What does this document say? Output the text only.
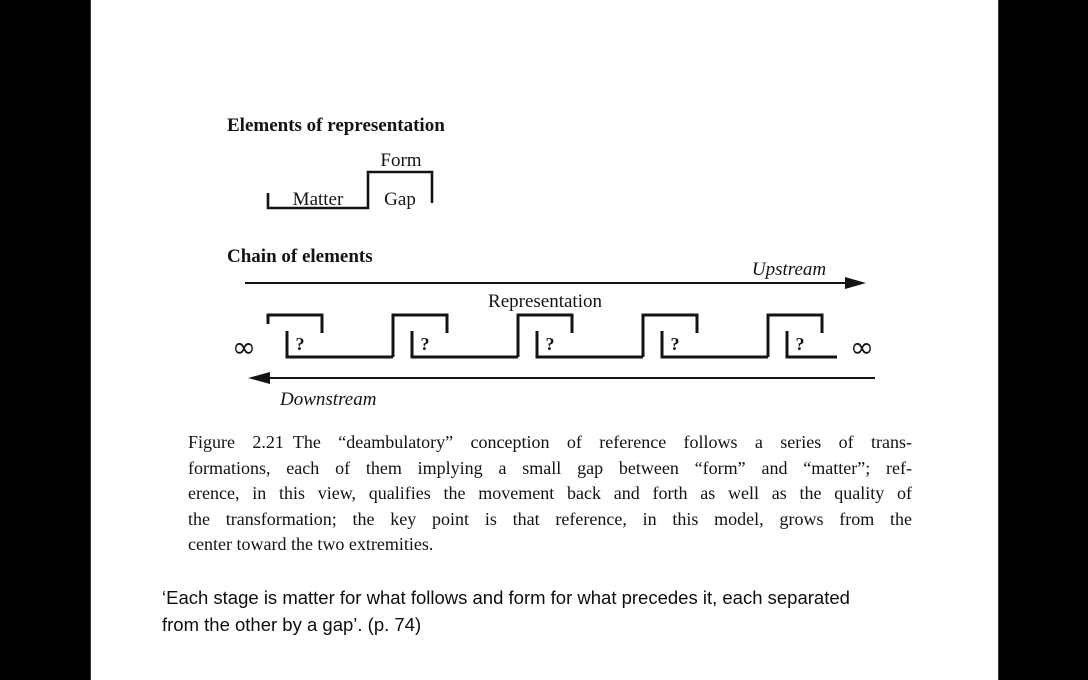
Elements of representation
Form
Matter Gap
Chain of elements
Upstream
Representation
?	?	?	?	?
∞	∞
Downstream
Figure 2.21 The “deambulatory” conception of reference follows a series of trans-
formations, each of them implying a small gap between “form” and “matter”; ref-
erence, in this view, qualifies the movement back and forth as well as the quality of
the transformation; the key point is that reference, in this model, grows from the
center toward the two extremities.
‘Each stage is matter for what follows and form for what precedes it, each separated
from the other by a gap’. (p. 74)
